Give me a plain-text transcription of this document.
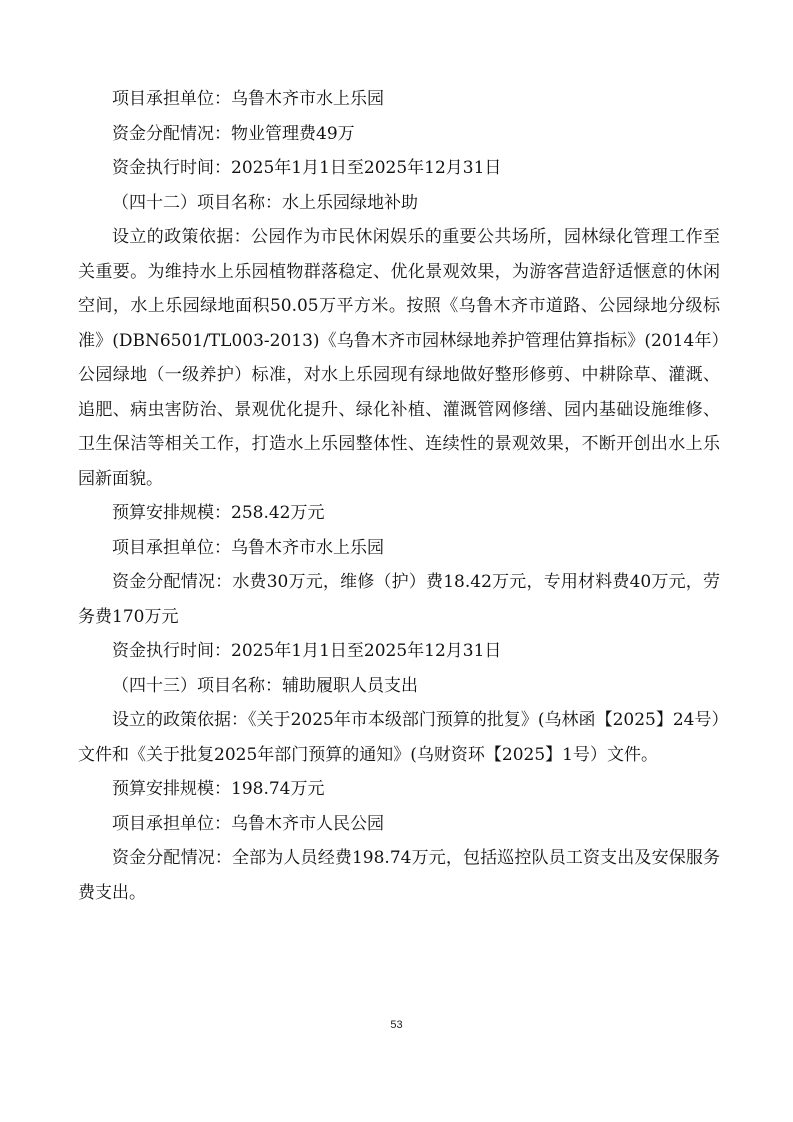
项目承担单位：乌鲁木齐市水上乐园

资金分配情况：物业管理费49万

资金执行时间：2025年1月1日至2025年12月31日

（四十二）项目名称：水上乐园绿地补助

设立的政策依据：公园作为市民休闲娱乐的重要公共场所，园林绿化管理工作至关重要。为维持水上乐园植物群落稳定、优化景观效果，为游客营造舒适惬意的休闲空间，水上乐园绿地面积50.05万平方米。按照《乌鲁木齐市道路、公园绿地分级标准》(DBN6501/TL003-2013)《乌鲁木齐市园林绿地养护管理估算指标》(2014年）公园绿地（一级养护）标准，对水上乐园现有绿地做好整形修剪、中耕除草、灌溉、追肥、病虫害防治、景观优化提升、绿化补植、灌溉管网修缮、园内基础设施维修、卫生保洁等相关工作，打造水上乐园整体性、连续性的景观效果，不断开创出水上乐园新面貌。

预算安排规模：258.42万元

项目承担单位：乌鲁木齐市水上乐园

资金分配情况：水费30万元，维修（护）费18.42万元，专用材料费40万元，劳务费170万元

资金执行时间：2025年1月1日至2025年12月31日

（四十三）项目名称：辅助履职人员支出

设立的政策依据：《关于2025年市本级部门预算的批复》(乌林函【2025】24号）文件和《关于批复2025年部门预算的通知》(乌财资环【2025】1号）文件。

预算安排规模：198.74万元

项目承担单位：乌鲁木齐市人民公园

资金分配情况：全部为人员经费198.74万元，包括巡控队员工资支出及安保服务费支出。

53
